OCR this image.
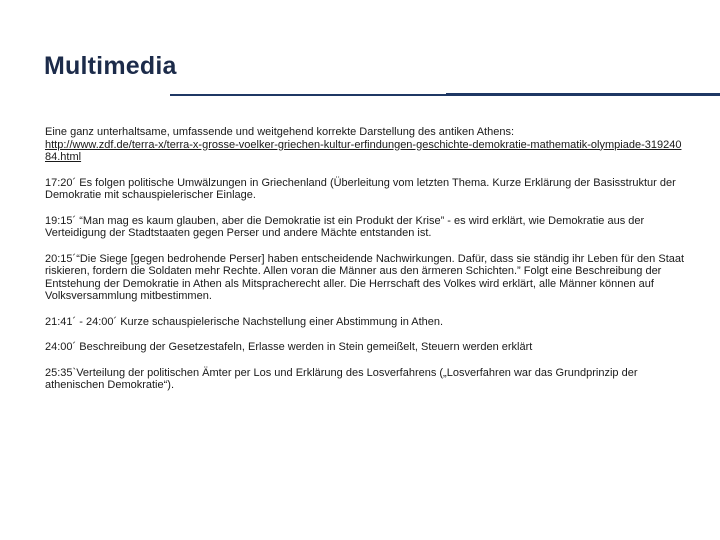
Multimedia

Eine ganz unterhaltsame, umfassende und weitgehend korrekte Darstellung des antiken Athens:
http://www.zdf.de/terra-x/terra-x-grosse-voelker-griechen-kultur-erfindungen-geschichte-demokratie-mathematik-olympiade-31924084.html

17:20´ Es folgen politische Umwälzungen in Griechenland (Überleitung vom letzten Thema. Kurze Erklärung der Basisstruktur der Demokratie mit schauspielerischer Einlage.

19:15´ “Man mag es kaum glauben, aber die Demokratie ist ein Produkt der Krise” - es wird erklärt, wie Demokratie aus der Verteidigung der Stadtstaaten gegen Perser und andere Mächte entstanden ist.

20:15´“Die Siege [gegen bedrohende Perser] haben entscheidende Nachwirkungen. Dafür, dass sie ständig ihr Leben für den Staat riskieren, fordern die Soldaten mehr Rechte. Allen voran die Männer aus den ärmeren Schichten.” Folgt eine Beschreibung der Entstehung der Demokratie in Athen als Mitspracherecht aller. Die Herrschaft des Volkes wird erklärt, alle Männer können auf Volksversammlung mitbestimmen.

21:41´ - 24:00´ Kurze schauspielerische Nachstellung einer Abstimmung in Athen.

24:00´ Beschreibung der Gesetzestafeln, Erlasse werden in Stein gemeißelt, Steuern werden erklärt

25:35`Verteilung der politischen Ämter per Los und Erklärung des Losverfahrens („Losverfahren war das Grundprinzip der athenischen Demokratie“).
